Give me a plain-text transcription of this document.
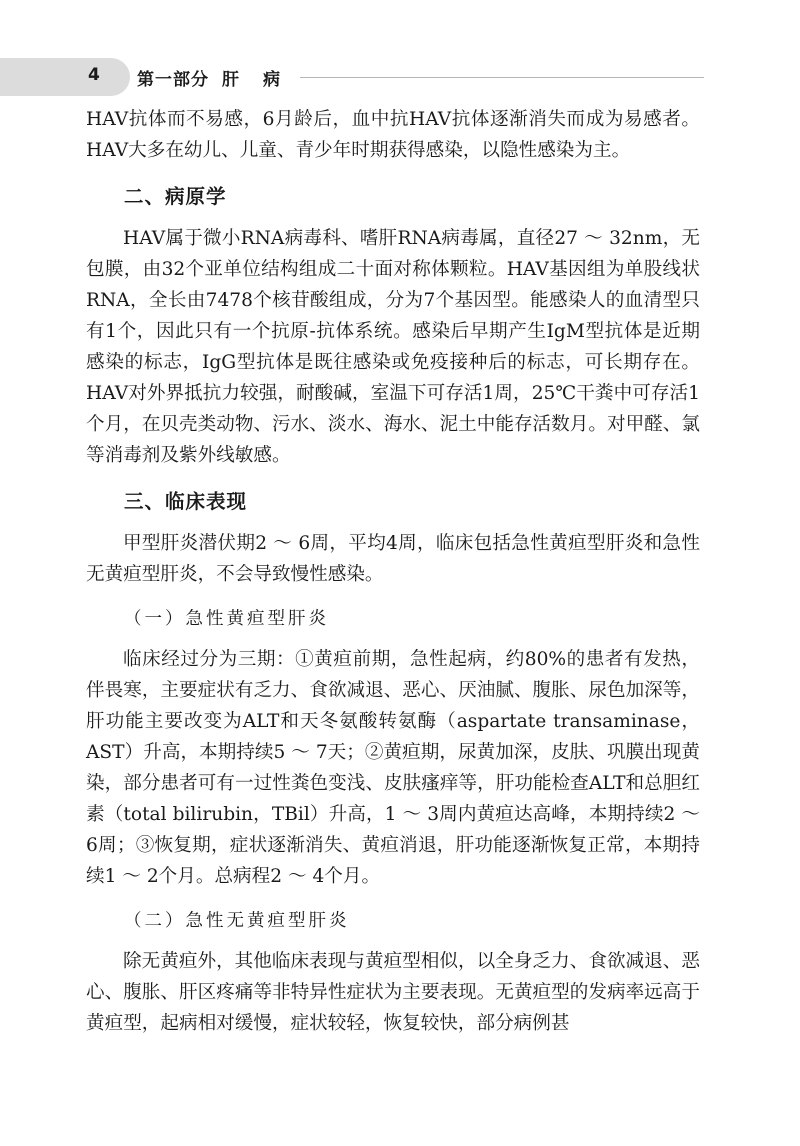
4 第一部分 肝病

HAV抗体而不易感，6月龄后，血中抗HAV抗体逐渐消失而成为易感者。HAV大多在幼儿、儿童、青少年时期获得感染，以隐性感染为主。

二、病原学

HAV属于微小RNA病毒科、嗜肝RNA病毒属，直径27 ～ 32nm，无包膜，由32个亚单位结构组成二十面对称体颗粒。HAV基因组为单股线状RNA，全长由7478个核苷酸组成，分为7个基因型。能感染人的血清型只有1个，因此只有一个抗原-抗体系统。感染后早期产生IgM型抗体是近期感染的标志，IgG型抗体是既往感染或免疫接种后的标志，可长期存在。HAV对外界抵抗力较强，耐酸碱，室温下可存活1周，25℃干粪中可存活1个月，在贝壳类动物、污水、淡水、海水、泥土中能存活数月。对甲醛、氯等消毒剂及紫外线敏感。

三、临床表现

甲型肝炎潜伏期2 ～ 6周，平均4周，临床包括急性黄疸型肝炎和急性无黄疸型肝炎，不会导致慢性感染。

（一）急性黄疸型肝炎

临床经过分为三期：①黄疸前期，急性起病，约80%的患者有发热，伴畏寒，主要症状有乏力、食欲减退、恶心、厌油腻、腹胀、尿色加深等，肝功能主要改变为ALT和天冬氨酸转氨酶（aspartate transaminase，AST）升高，本期持续5 ～ 7天；②黄疸期，尿黄加深，皮肤、巩膜出现黄染，部分患者可有一过性粪色变浅、皮肤瘙痒等，肝功能检查ALT和总胆红素（total bilirubin，TBil）升高，1 ～ 3周内黄疸达高峰，本期持续2 ～ 6周；③恢复期，症状逐渐消失、黄疸消退，肝功能逐渐恢复正常，本期持续1 ～ 2个月。总病程2 ～ 4个月。

（二）急性无黄疸型肝炎

除无黄疸外，其他临床表现与黄疸型相似，以全身乏力、食欲减退、恶心、腹胀、肝区疼痛等非特异性症状为主要表现。无黄疸型的发病率远高于黄疸型，起病相对缓慢，症状较轻，恢复较快，部分病例甚
